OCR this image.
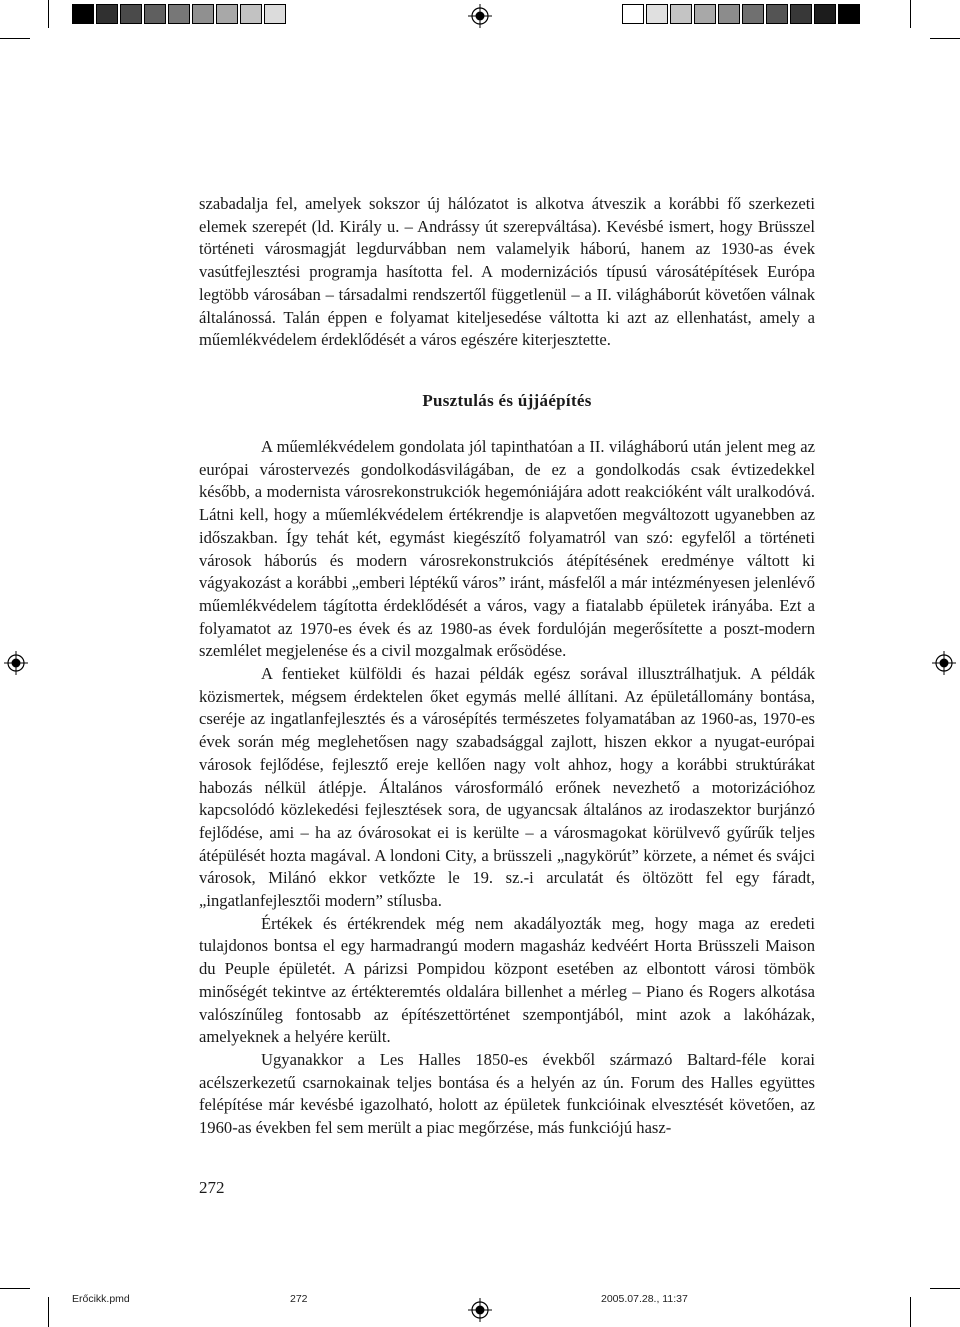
szabadalja fel, amelyek sokszor új hálózatot is alkotva átveszik a korábbi fő szerkezeti elemek szerepét (ld. Király u. – Andrássy út szerepváltása). Kevésbé ismert, hogy Brüsszel történeti városmagját legdurvábban nem valamelyik háború, hanem az 1930-as évek vasútfejlesztési programja hasította fel. A modernizációs típusú városátépítések Európa legtöbb városában – társadalmi rendszertől függetlenül – a II. világháborút követően válnak általánossá. Talán éppen e folyamat kiteljesedése váltotta ki azt az ellenhatást, amely a műemlékvédelem érdeklődését a város egészére kiterjesztette.

Pusztulás és újjáépítés

A műemlékvédelem gondolata jól tapinthatóan a II. világháború után jelent meg az európai várostervezés gondolkodásvilágában, de ez a gondolkodás csak évtizedekkel később, a modernista városrekonstrukciók hegemóniájára adott reakcióként vált uralkodóvá. Látni kell, hogy a műemlékvédelem értékrendje is alapvetően megváltozott ugyanebben az időszakban. Így tehát két, egymást kiegészítő folyamatról van szó: egyfelől a történeti városok háborús és modern városrekonstrukciós átépítésének eredménye váltott ki vágyakozást a korábbi „emberi léptékű város” iránt, másfelől a már intézményesen jelenlévő műemlékvédelem tágította érdeklődését a város, vagy a fiatalabb épületek irányába. Ezt a folyamatot az 1970-es évek és az 1980-as évek fordulóján megerősítette a poszt-modern szemlélet megjelenése és a civil mozgalmak erősödése.

A fentieket külföldi és hazai példák egész sorával illusztrálhatjuk. A példák közismertek, mégsem érdektelen őket egymás mellé állítani. Az épületállomány bontása, cseréje az ingatlanfejlesztés és a városépítés természetes folyamatában az 1960-as, 1970-es évek során még meglehetősen nagy szabadsággal zajlott, hiszen ekkor a nyugat-európai városok fejlődése, fejlesztő ereje kellően nagy volt ahhoz, hogy a korábbi struktúrákat habozás nélkül átlépje. Általános városformáló erőnek nevezhető a motorizációhoz kapcsolódó közlekedési fejlesztések sora, de ugyancsak általános az irodaszektor burjánzó fejlődése, ami – ha az óvárosokat ei is kerülte – a városmagokat körülvevő gyűrűk teljes átépülését hozta magával. A londoni City, a brüsszeli „nagykörút” körzete, a német és svájci városok, Milánó ekkor vetkőzte le 19. sz.-i arculatát és öltözött fel egy fáradt, „ingatlanfejlesztői modern” stílusba.

Értékek és értékrendek még nem akadályozták meg, hogy maga az eredeti tulajdonos bontsa el egy harmadrangú modern magasház kedvéért Horta Brüsszeli Maison du Peuple épületét. A párizsi Pompidou központ esetében az elbontott városi tömbök minőségét tekintve az értékteremtés oldalára billenhet a mérleg – Piano és Rogers alkotása valószínűleg fontosabb az építészettörténet szempontjából, mint azok a lakóházak, amelyeknek a helyére került.

Ugyanakkor a Les Halles 1850-es évekből származó Baltard-féle korai acélszerkezetű csarnokainak teljes bontása és a helyén az ún. Forum des Halles együttes felépítése már kevésbé igazolható, holott az épületek funkcióinak elvesztését követően, az 1960-as években fel sem merült a piac megőrzése, más funkciójú hasz-

272
Erőcikk.pmd	272	2005.07.28., 11:37
